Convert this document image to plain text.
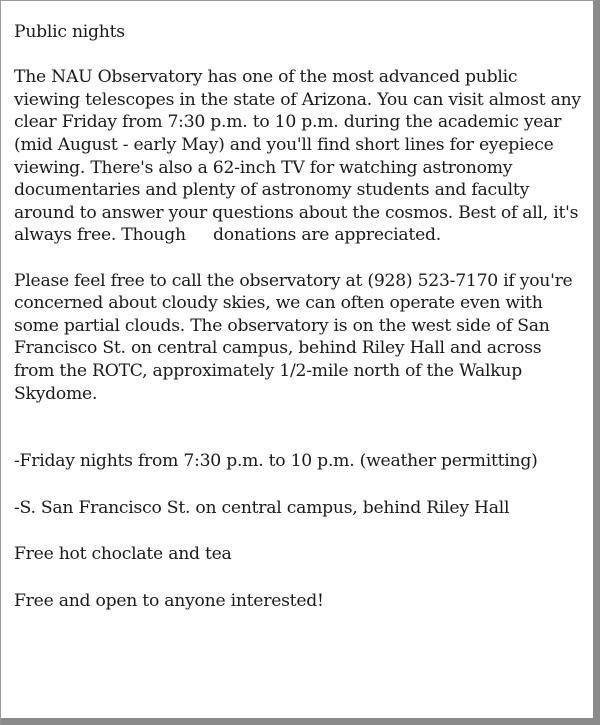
Public nights

The NAU Observatory has one of the most advanced public viewing telescopes in the state of Arizona. You can visit almost any clear Friday from 7:30 p.m. to 10 p.m. during the academic year (mid August - early May) and you'll find short lines for eyepiece viewing. There's also a 62-inch TV for watching astronomy documentaries and plenty of astronomy students and faculty around to answer your questions about the cosmos. Best of all, it's always free. Though donations are appreciated.

Please feel free to call the observatory at (928) 523-7170 if you're concerned about cloudy skies, we can often operate even with some partial clouds. The observatory is on the west side of San Francisco St. on central campus, behind Riley Hall and across from the ROTC, approximately 1/2-mile north of the Walkup Skydome.

-Friday nights from 7:30 p.m. to 10 p.m. (weather permitting)

-S. San Francisco St. on central campus, behind Riley Hall

Free hot choclate and tea

Free and open to anyone interested!
